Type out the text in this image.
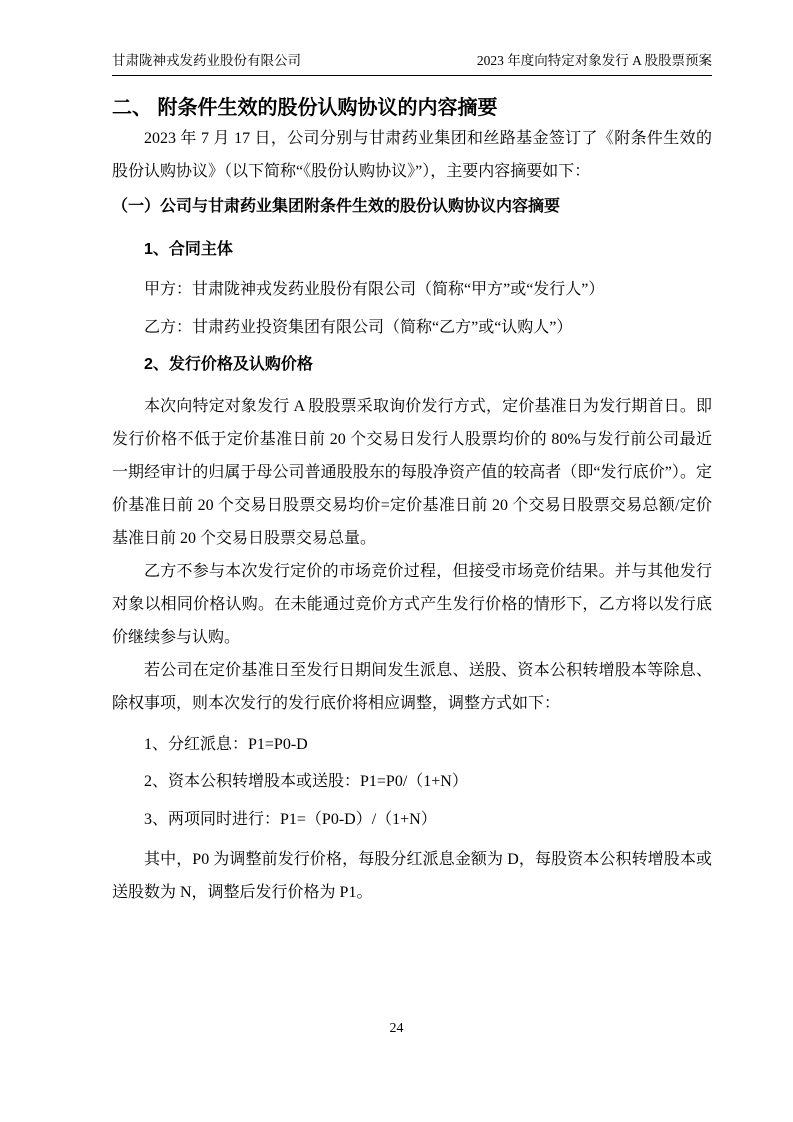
甘肃陇神戎发药业股份有限公司	2023 年度向特定对象发行 A 股股票预案
二、 附条件生效的股份认购协议的内容摘要

2023 年 7 月 17 日，公司分别与甘肃药业集团和丝路基金签订了《附条件生效的股份认购协议》（以下简称“《股份认购协议》”），主要内容摘要如下：

（一）公司与甘肃药业集团附条件生效的股份认购协议内容摘要
1、合同主体

甲方：甘肃陇神戎发药业股份有限公司（简称“甲方”或“发行人”）

乙方：甘肃药业投资集团有限公司（简称“乙方”或“认购人”）

2、发行价格及认购价格

本次向特定对象发行 A 股股票采取询价发行方式，定价基准日为发行期首日。即发行价格不低于定价基准日前 20 个交易日发行人股票均价的 80%与发行前公司最近一期经审计的归属于母公司普通股股东的每股净资产值的较高者（即“发行底价”）。定价基准日前 20 个交易日股票交易均价=定价基准日前 20 个交易日股票交易总额/定价基准日前 20 个交易日股票交易总量。

乙方不参与本次发行定价的市场竞价过程，但接受市场竞价结果。并与其他发行对象以相同价格认购。在未能通过竞价方式产生发行价格的情形下，乙方将以发行底价继续参与认购。

若公司在定价基准日至发行日期间发生派息、送股、资本公积转增股本等除息、除权事项，则本次发行的发行底价将相应调整，调整方式如下：

1、分红派息：P1=P0-D

2、资本公积转增股本或送股：P1=P0/（1+N）

3、两项同时进行：P1=（P0-D）/（1+N）

其中，P0 为调整前发行价格，每股分红派息金额为 D，每股资本公积转增股本或送股数为 N，调整后发行价格为 P1。

24
